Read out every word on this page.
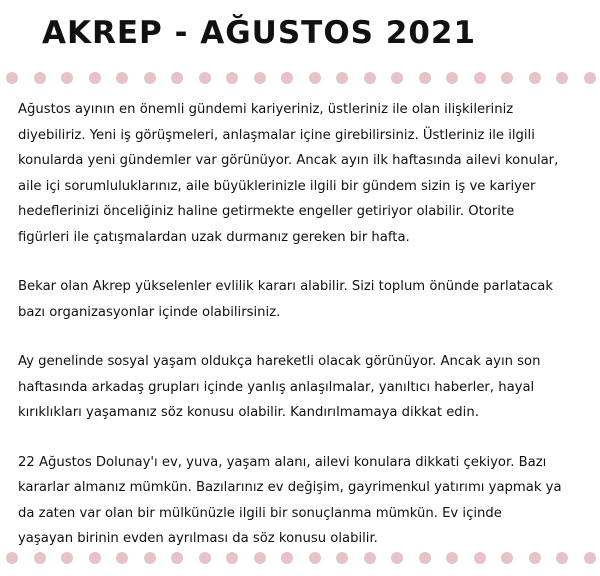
AKREP - AĞUSTOS 2021

Ağustos ayının en önemli gündemi kariyeriniz, üstleriniz ile olan ilişkileriniz
diyebiliriz. Yeni iş görüşmeleri, anlaşmalar içine girebilirsiniz. Üstleriniz ile ilgili
konularda yeni gündemler var görünüyor. Ancak ayın ilk haftasında ailevi konular,
aile içi sorumluluklarınız, aile büyüklerinizle ilgili bir gündem sizin iş ve kariyer
hedeflerinizi önceliğiniz haline getirmekte engeller getiriyor olabilir. Otorite
figürleri ile çatışmalardan uzak durmanız gereken bir hafta.

Bekar olan Akrep yükselenler evlilik kararı alabilir. Sizi toplum önünde parlatacak
bazı organizasyonlar içinde olabilirsiniz.

Ay genelinde sosyal yaşam oldukça hareketli olacak görünüyor. Ancak ayın son
haftasında arkadaş grupları içinde yanlış anlaşılmalar, yanıltıcı haberler, hayal
kırıklıkları yaşamanız söz konusu olabilir. Kandırılmamaya dikkat edin.

22 Ağustos Dolunay'ı ev, yuva, yaşam alanı, ailevi konulara dikkati çekiyor. Bazı
kararlar almanız mümkün. Bazılarınız ev değişim, gayrimenkul yatırımı yapmak ya
da zaten var olan bir mülkünüzle ilgili bir sonuçlanma mümkün. Ev içinde
yaşayan birinin evden ayrılması da söz konusu olabilir.
